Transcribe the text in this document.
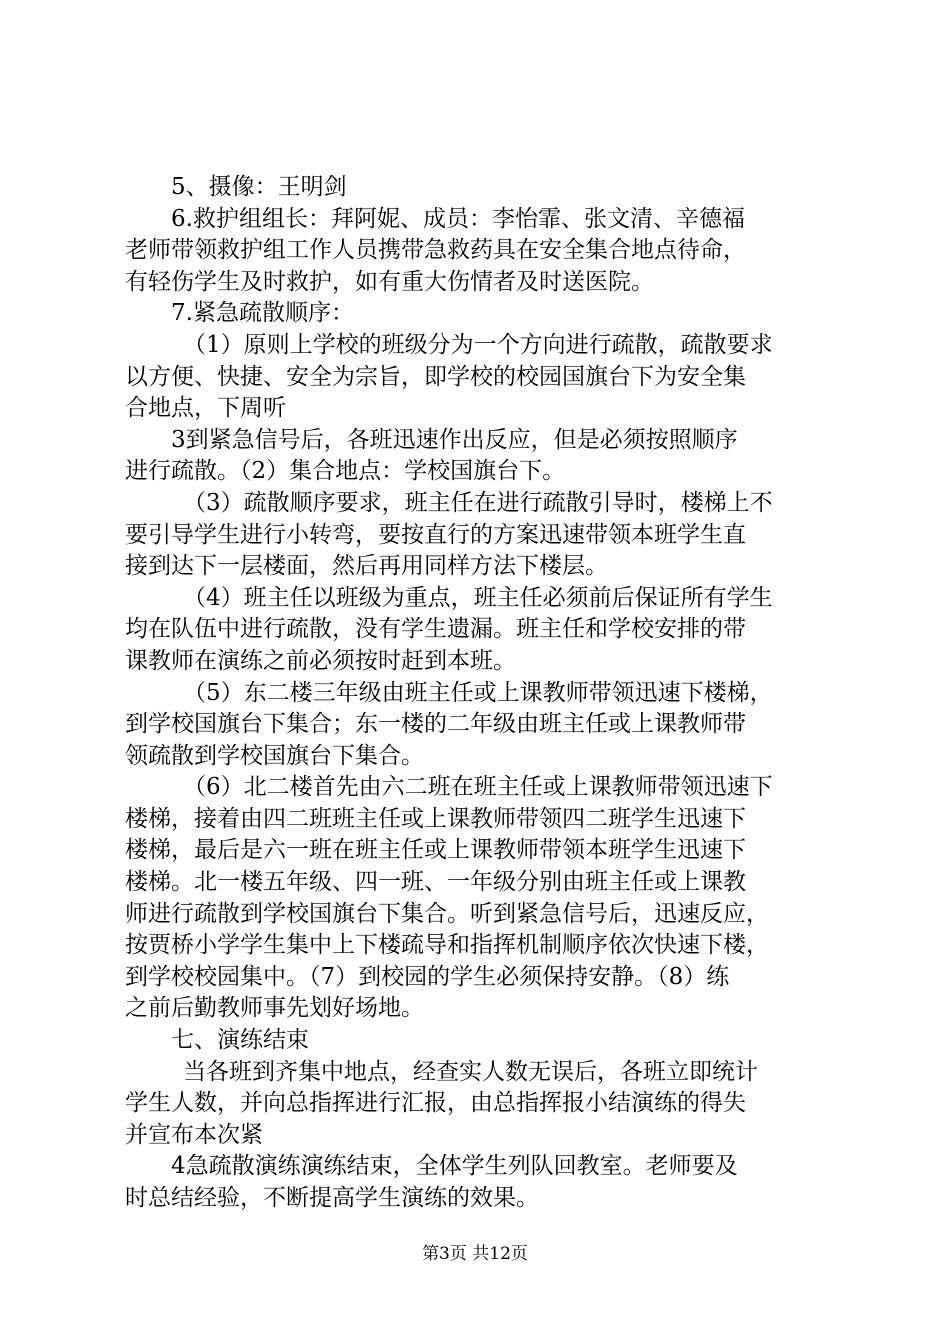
5、摄像：王明剑

6.救护组组长：拜阿妮、成员：李怡霏、张文清、辛德福

老师带领救护组工作人员携带急救药具在安全集合地点待命，

有轻伤学生及时救护，如有重大伤情者及时送医院。

7.紧急疏散顺序：

（1）原则上学校的班级分为一个方向进行疏散，疏散要求

以方便、快捷、安全为宗旨，即学校的校园国旗台下为安全集

合地点，下周听

3到紧急信号后，各班迅速作出反应，但是必须按照顺序

进行疏散。（2）集合地点：学校国旗台下。

（3）疏散顺序要求，班主任在进行疏散引导时，楼梯上不

要引导学生进行小转弯，要按直行的方案迅速带领本班学生直

接到达下一层楼面，然后再用同样方法下楼层。

（4）班主任以班级为重点，班主任必须前后保证所有学生

均在队伍中进行疏散，没有学生遗漏。班主任和学校安排的带

课教师在演练之前必须按时赶到本班。

（5）东二楼三年级由班主任或上课教师带领迅速下楼梯，

到学校国旗台下集合；东一楼的二年级由班主任或上课教师带

领疏散到学校国旗台下集合。

（6）北二楼首先由六二班在班主任或上课教师带领迅速下

楼梯，接着由四二班班主任或上课教师带领四二班学生迅速下

楼梯，最后是六一班在班主任或上课教师带领本班学生迅速下

楼梯。北一楼五年级、四一班、一年级分别由班主任或上课教

师进行疏散到学校国旗台下集合。听到紧急信号后，迅速反应，

按贾桥小学学生集中上下楼疏导和指挥机制顺序依次快速下楼，

到学校校园集中。（7）到校园的学生必须保持安静。（8）练

之前后勤教师事先划好场地。

七、演练结束

当各班到齐集中地点，经查实人数无误后，各班立即统计

学生人数，并向总指挥进行汇报，由总指挥报小结演练的得失

并宣布本次紧

4急疏散演练演练结束，全体学生列队回教室。老师要及

时总结经验，不断提高学生演练的效果。

第3页 共12页
